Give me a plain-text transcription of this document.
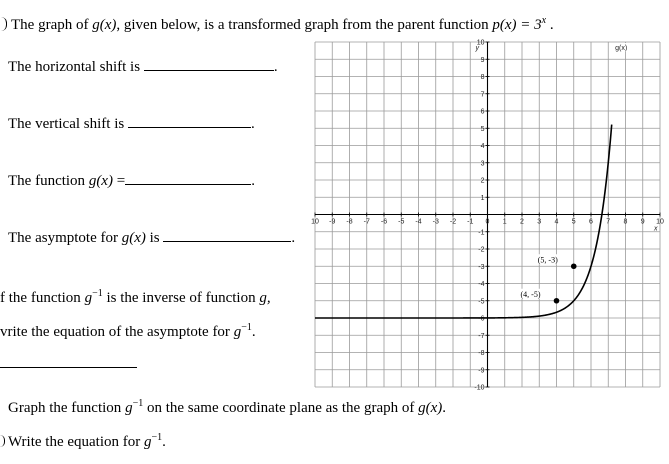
The graph of g(x), given below, is a transformed graph from the parent function $p(x) = 3^x$ .
The horizontal shift is	.
The vertical shift is	.
The function g(x) =	.
The asymptote for g(x) is	.
f the function $g^{-1}$ is the inverse of function g,
vrite the equation of the asymptote for $g^{-1}$.
Graph the function $g^{-1}$ on the same coordinate plane as the graph of g(x).
Write the equation for $g^{-1}$.
x
y
10 -9 -8 -7 -6 -5 -4 -3 -2 -1 0 1 2 3 4 5 6 7 8 9 10
-10
-9
-8
-7
-6
-5
-4
-3
-2
-1
1
2
3
4
5
6
7
8
9
10
g(x)
(4, -5)
(5, -3)
